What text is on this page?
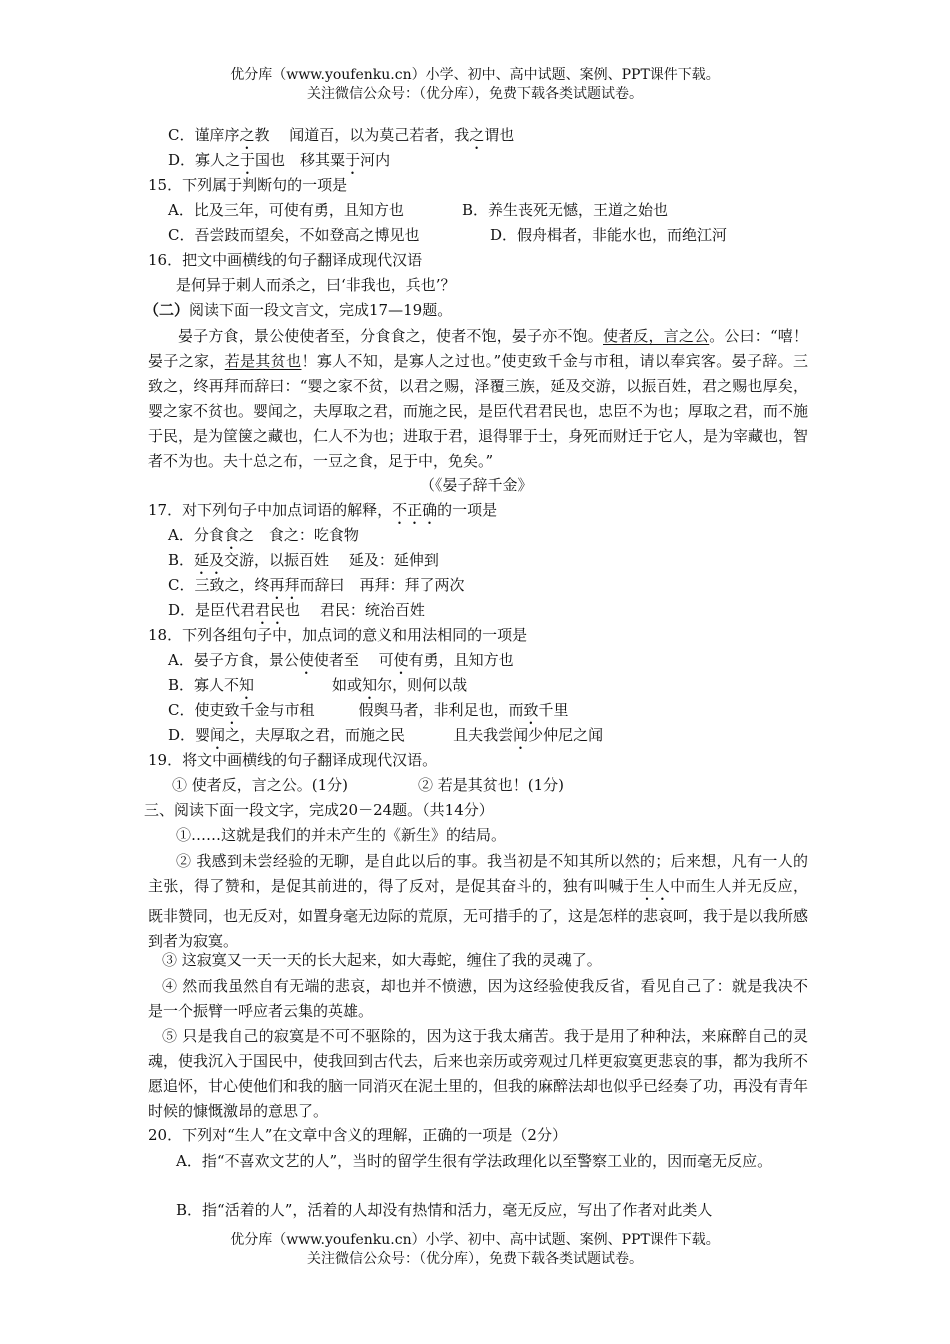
优分库（www.youfenku.cn）小学、初中、高中试题、案例、PPT课件下载。
关注微信公众号：（优分库），免费下载各类试题试卷。
C．谨庠序之教　 闻道百，以为莫己若者，我之谓也
D．寡人之于国也　移其粟于河内
15．下列属于判断句的一项是
A．比及三年，可使有勇，且知方也	B．养生丧死无憾，王道之始也
C．吾尝跂而望矣，不如登高之博见也	D．假舟楫者，非能水也，而绝江河
16．把文中画横线的句子翻译成现代汉语
是何异于刺人而杀之，曰‘非我也，兵也’？
（二）阅读下面一段文言文，完成17—19题。
晏子方食，景公使使者至，分食食之，使者不饱，晏子亦不饱。使者反，言之公。公曰：“嘻！晏子之家，若是其贫也！寡人不知，是寡人之过也。”使吏致千金与市租，请以奉宾客。晏子辞。三致之，终再拜而辞曰：“婴之家不贫，以君之赐，泽覆三族，延及交游，以振百姓，君之赐也厚矣，婴之家不贫也。婴闻之，夫厚取之君，而施之民，是臣代君君民也，忠臣不为也；厚取之君，而不施于民，是为筐箧之藏也，仁人不为也；进取于君，退得罪于士，身死而财迁于它人，是为宰藏也，智者不为也。夫十总之布，一豆之食，足于中，免矣。”
（《晏子辞千金》
17．对下列句子中加点词语的解释，不正确的一项是
A．分食食之　食之：吃食物
B．延及交游，以振百姓　 延及：延伸到
C．三致之，终再拜而辞曰　再拜：拜了两次
D．是臣代君君民也　 君民：统治百姓
18．下列各组句子中，加点词的意义和用法相同的一项是
A．晏子方食，景公使使者至　 可使有勇，且知方也
B．寡人不知	如或知尔，则何以哉
C．使吏致千金与市租	假舆马者，非利足也，而致千里
D．婴闻之，夫厚取之君，而施之民	且夫我尝闻少仲尼之闻
19．将文中画横线的句子翻译成现代汉语。
① 使者反，言之公。(1分)	② 若是其贫也！(1分)
三、阅读下面一段文字，完成20－24题。（共14分）
①……这就是我们的并未产生的《新生》的结局。
② 我感到未尝经验的无聊，是自此以后的事。我当初是不知其所以然的；后来想，凡有一人的主张，得了赞和，是促其前进的，得了反对，是促其奋斗的，独有叫喊于生人中而生人并无反应，既非赞同，也无反对，如置身毫无边际的荒原，无可措手的了，这是怎样的悲哀呵，我于是以我所感到者为寂寞。
③ 这寂寞又一天一天的长大起来，如大毒蛇，缠住了我的灵魂了。
④ 然而我虽然自有无端的悲哀，却也并不愤懑，因为这经验使我反省，看见自己了：就是我决不是一个振臂一呼应者云集的英雄。
⑤ 只是我自己的寂寞是不可不驱除的，因为这于我太痛苦。我于是用了种种法，来麻醉自己的灵魂，使我沉入于国民中，使我回到古代去，后来也亲历或旁观过几样更寂寞更悲哀的事，都为我所不愿追怀，甘心使他们和我的脑一同消灭在泥土里的，但我的麻醉法却也似乎已经奏了功，再没有青年时候的慷慨激昂的意思了。
20．下列对“生人”在文章中含义的理解，正确的一项是（2分）
A．指“不喜欢文艺的人”，当时的留学生很有学法政理化以至警察工业的，因而毫无反应。
B．指“活着的人”，活着的人却没有热情和活力，毫无反应，写出了作者对此类人
优分库（www.youfenku.cn）小学、初中、高中试题、案例、PPT课件下载。
关注微信公众号：（优分库），免费下载各类试题试卷。
